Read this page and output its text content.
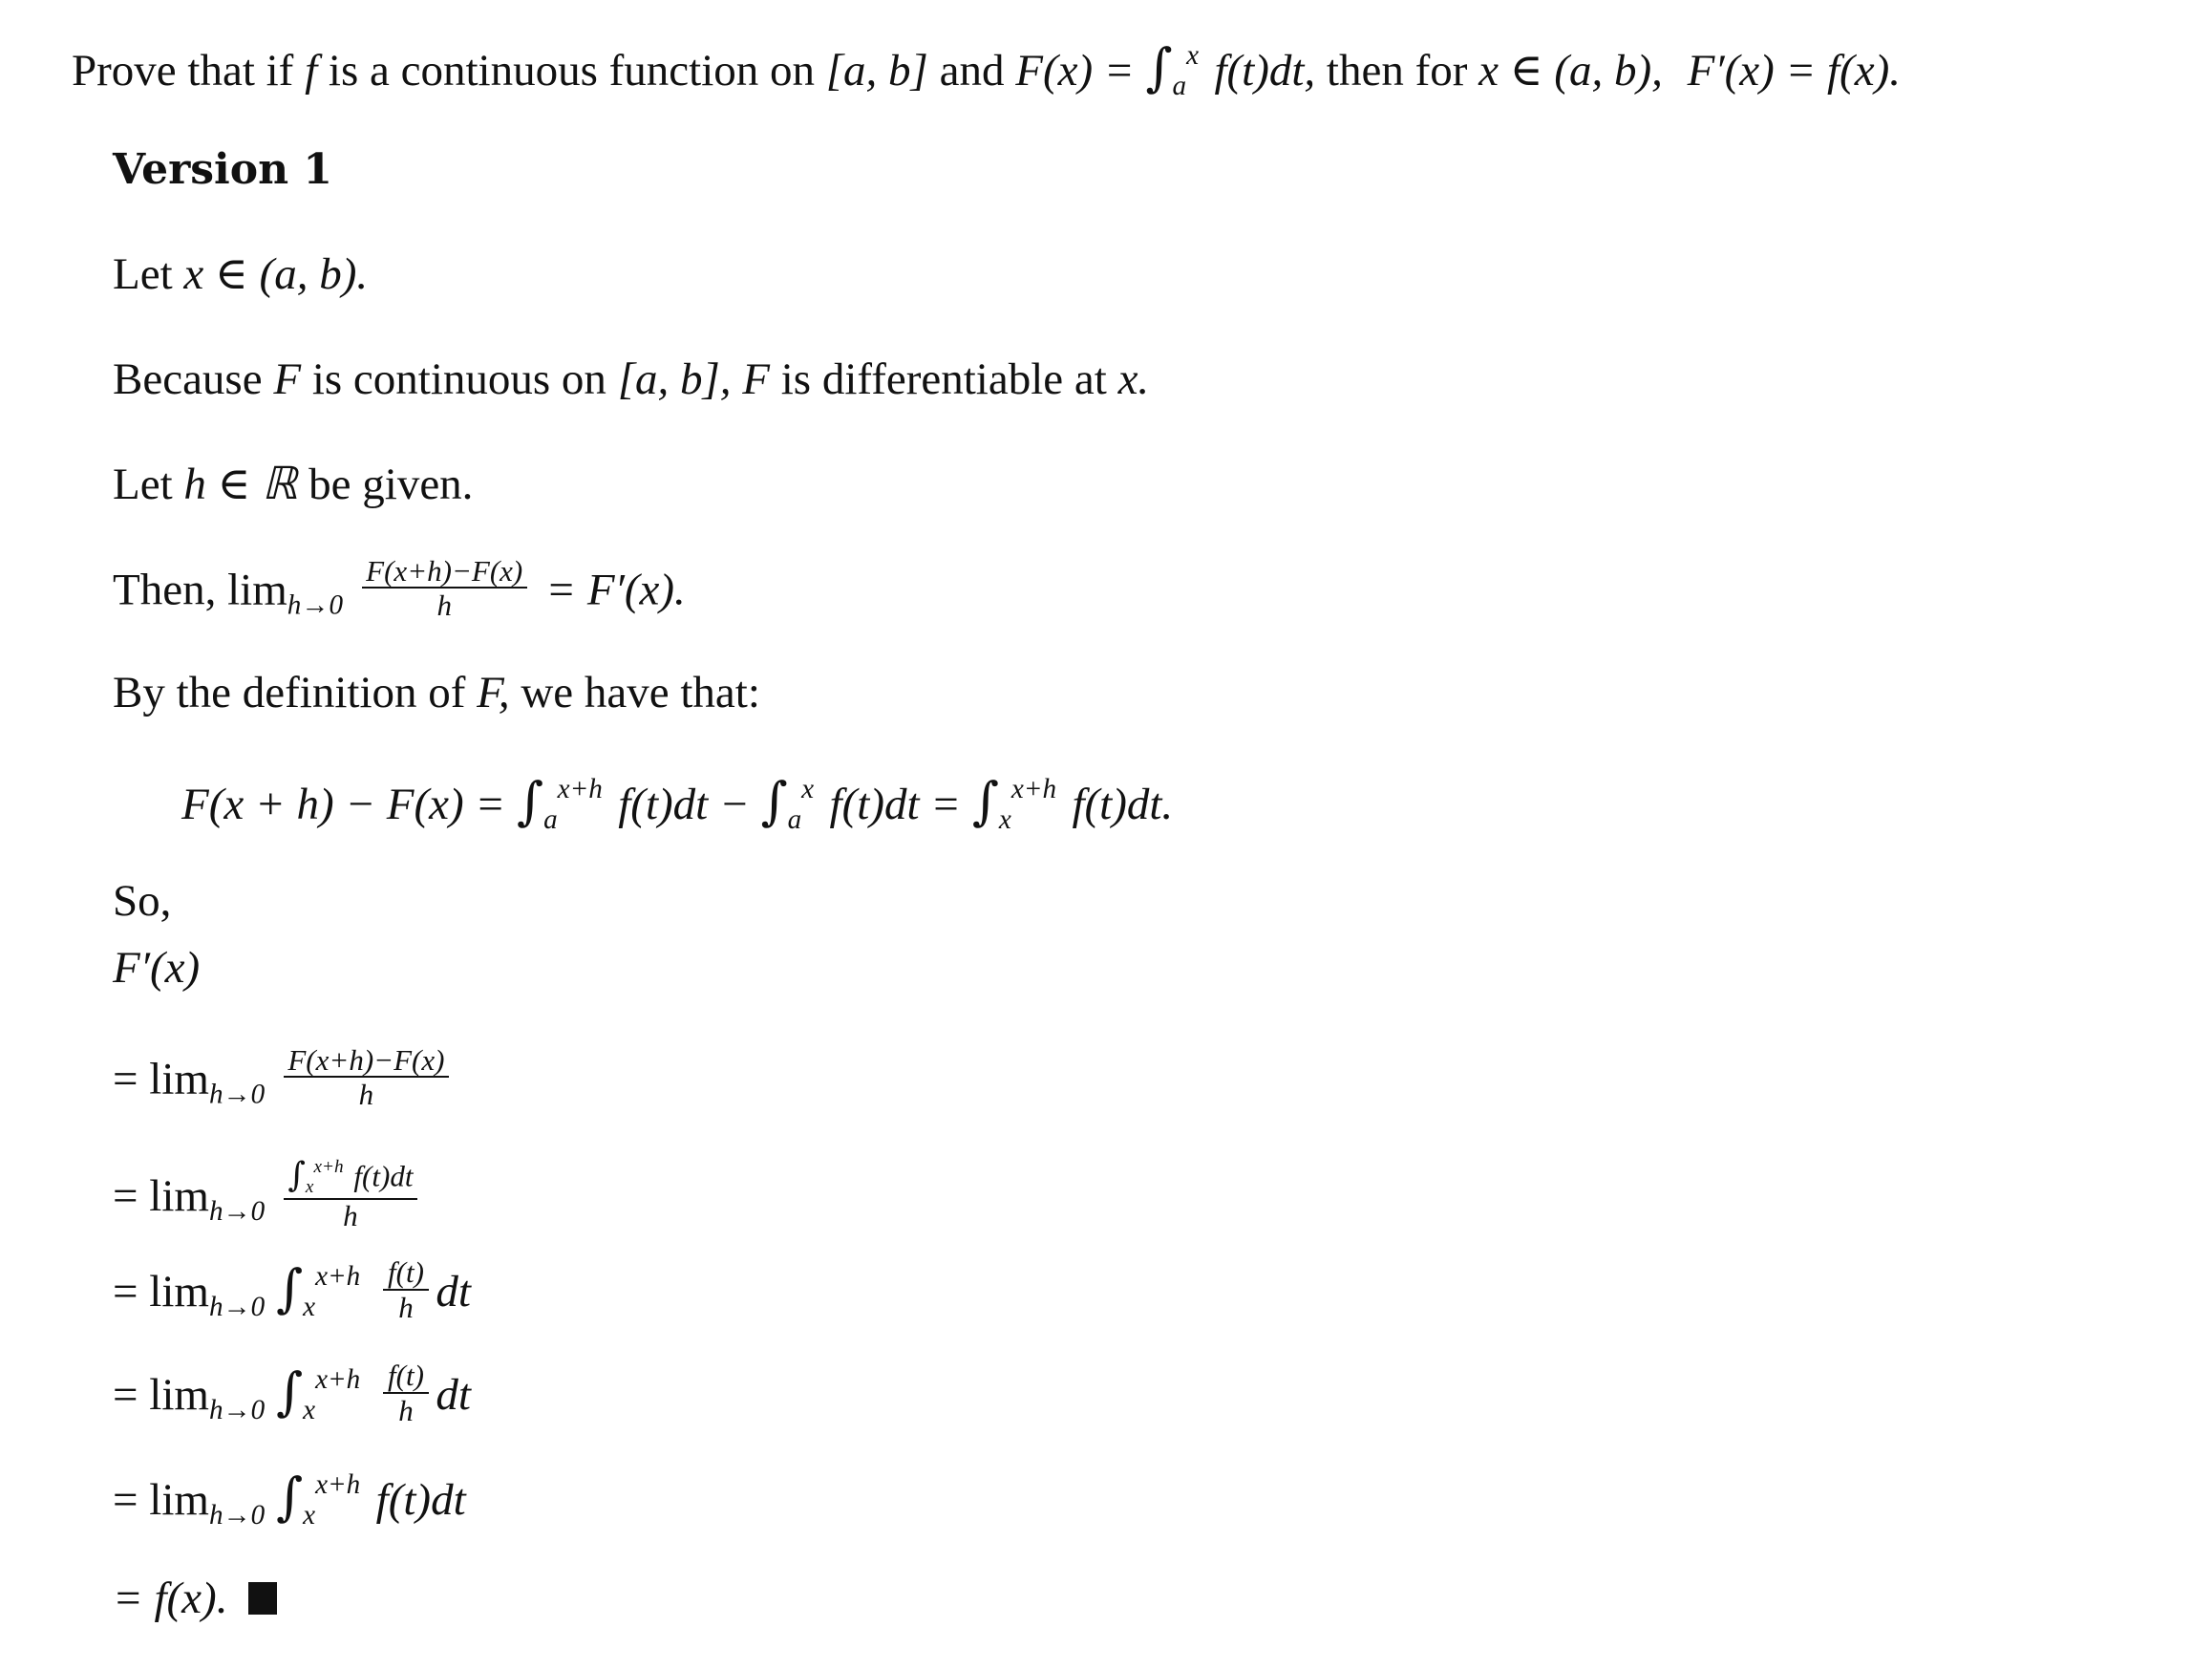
Prove that if f is a continuous function on [a, b] and $F(x) = \int_a^x$ f(t)dt, then for x ∈ (a, b), F′(x) = f(x).
Version 1
Let x ∈ (a, b).
Because F is continuous on [a, b], F is differentiable at x.
Let h ∈ ℝ be given.
Then, $\lim_{h\to 0} \frac{F(x+h)-F(x)}{h} = F'(x)$.
By the definition of F, we have that:
$F(x + h) - F(x) = \int_a^{x+h}$ $f(t)dt - \int_a^x$ $f(t)dt = \int_x^{x+h}$ f(t)dt.
So,
F′(x)
= $\lim_{h\to 0} \frac{F(x+h)-F(x)}{h}$
= $\lim_{h\to 0} \frac{\int_x^{x+h} f(t)dt}{h}$
= $\lim_{h\to 0} \int_x^{x+h} \frac{f(t)}{h}$ dt
= $\lim_{h\to 0} \int_x^{x+h} \frac{f(t)}{h}$ dt
= $\lim_{h\to 0} \int_x^{x+h}$ f(t)dt
= f(x).
